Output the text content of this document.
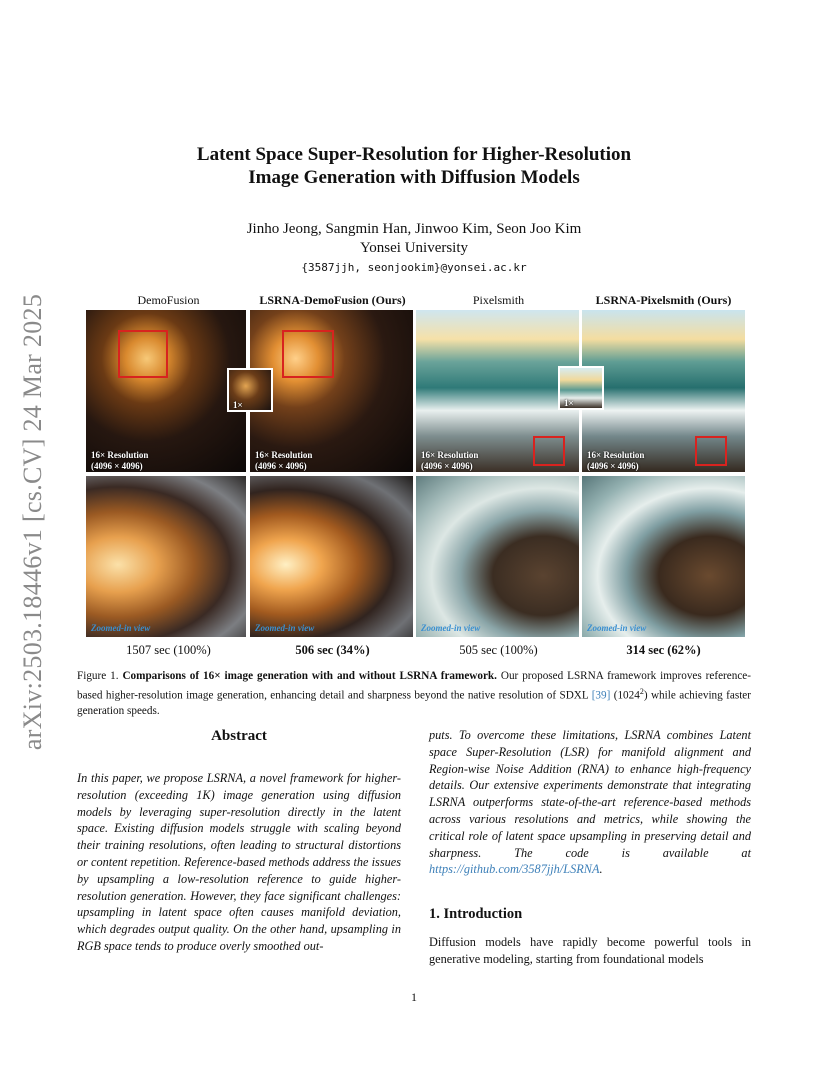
arXiv:2503.18446v1 [cs.CV] 24 Mar 2025
Latent Space Super-Resolution for Higher-Resolution
Image Generation with Diffusion Models
Jinho Jeong, Sangmin Han, Jinwoo Kim, Seon Joo Kim
Yonsei University
{3587jjh, seonjookim}@yonsei.ac.kr
DemoFusion	LSRNA-DemoFusion (Ours)	Pixelsmith	LSRNA-Pixelsmith (Ours)
16× Resolution
(4096 × 4096)
16× Resolution
(4096 × 4096)
1×
16× Resolution
(4096 × 4096)
16× Resolution
(4096 × 4096)
1×
Zoomed-in view	Zoomed-in view	Zoomed-in view	Zoomed-in view
1507 sec (100%)	506 sec (34%)	505 sec (100%)	314 sec (62%)
Figure 1. Comparisons of 16× image generation with and without LSRNA framework. Our proposed LSRNA framework improves reference-based higher-resolution image generation, enhancing detail and sharpness beyond the native resolution of SDXL [39] (1024$^2$) while achieving faster generation speeds.
Abstract
In this paper, we propose LSRNA, a novel framework for higher-resolution (exceeding 1K) image generation using diffusion models by leveraging super-resolution directly in the latent space. Existing diffusion models struggle with scaling beyond their training resolutions, often leading to structural distortions or content repetition. Reference-based methods address the issues by upsampling a low-resolution reference to guide higher-resolution generation. However, they face significant challenges: upsampling in latent space often causes manifold deviation, which degrades output quality. On the other hand, upsampling in RGB space tends to produce overly smoothed out-
puts. To overcome these limitations, LSRNA combines Latent space Super-Resolution (LSR) for manifold alignment and Region-wise Noise Addition (RNA) to enhance high-frequency details. Our extensive experiments demonstrate that integrating LSRNA outperforms state-of-the-art reference-based methods across various resolutions and metrics, while showing the critical role of latent space upsampling in preserving detail and sharpness. The code is available at https://github.com/3587jjh/LSRNA.
1. Introduction
Diffusion models have rapidly become powerful tools in generative modeling, starting from foundational models
1
